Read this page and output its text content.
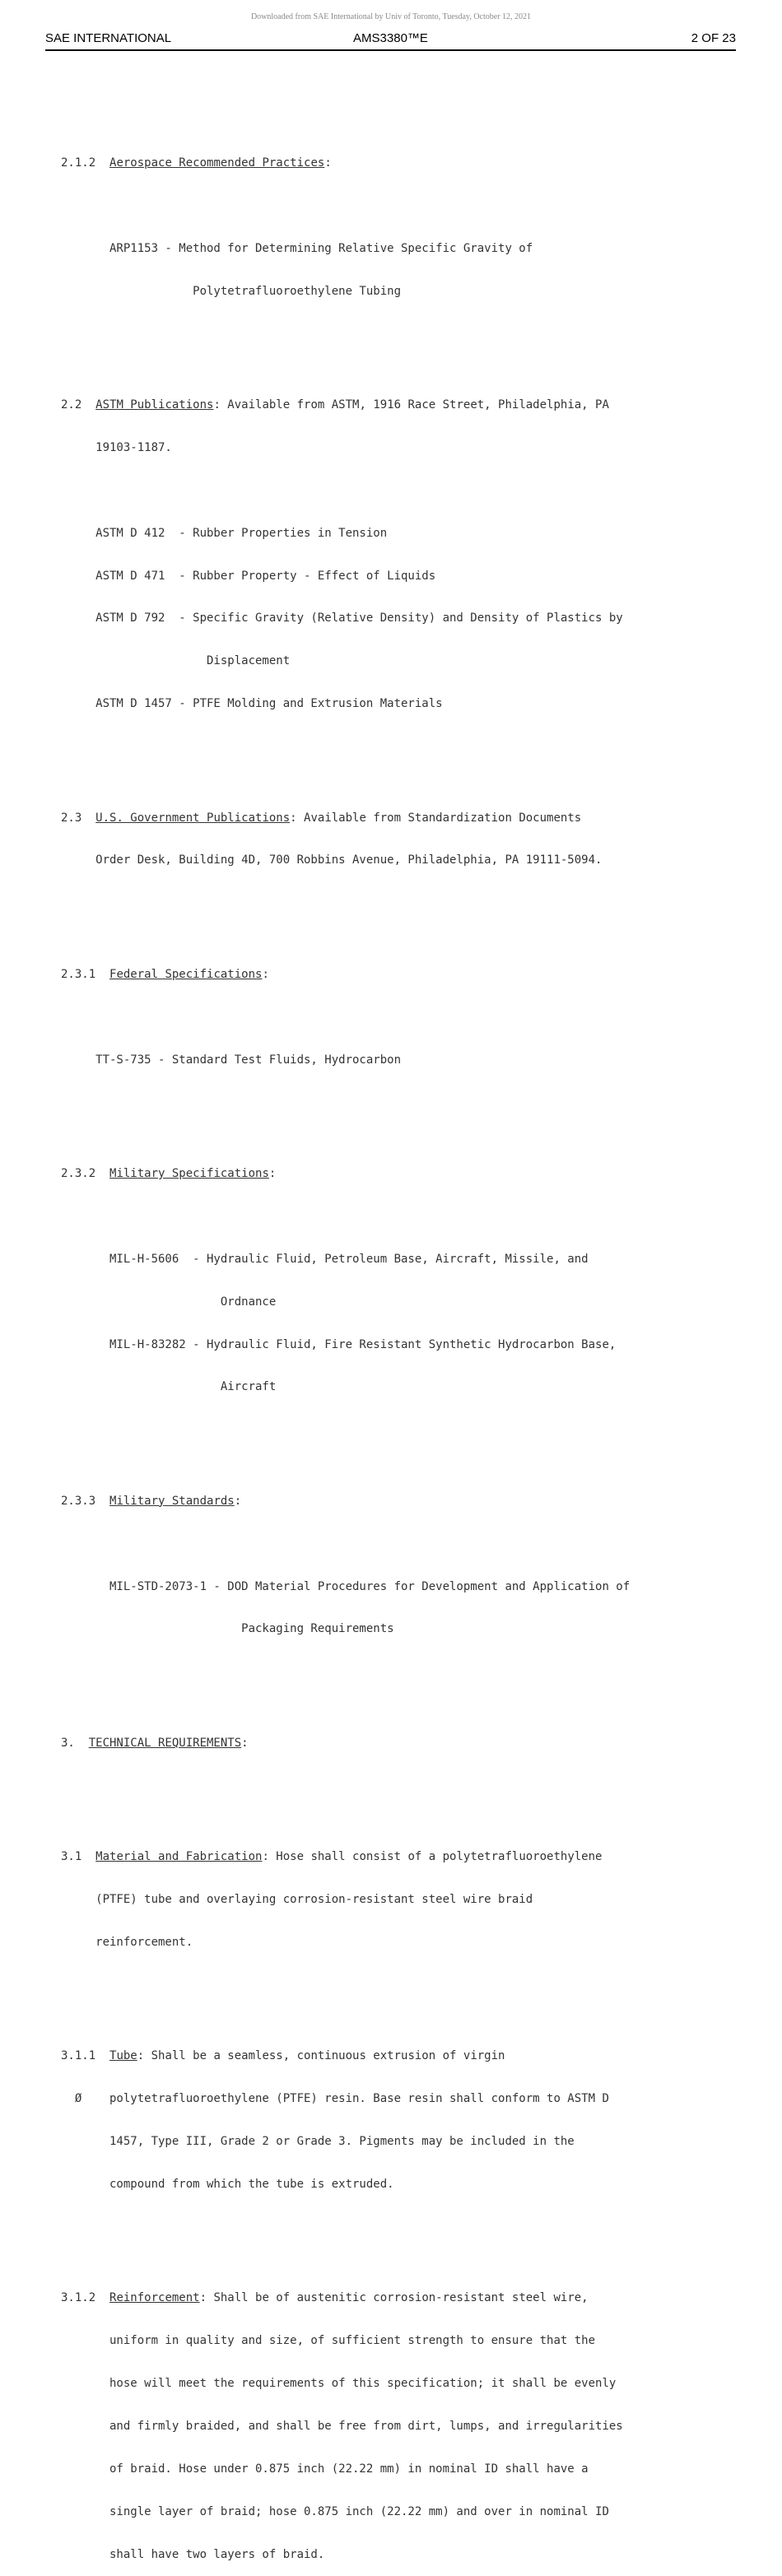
Downloaded from SAE International by Univ of Toronto, Tuesday, October 12, 2021
SAE INTERNATIONAL	AMS3380™E	2 OF 23

2.1.2  Aerospace Recommended Practices:

ARP1153 - Method for Determining Relative Specific Gravity of

Polytetrafluoroethylene Tubing

2.2  ASTM Publications: Available from ASTM, 1916 Race Street, Philadelphia, PA

19103-1187.

ASTM D 412  - Rubber Properties in Tension

ASTM D 471  - Rubber Property - Effect of Liquids

ASTM D 792  - Specific Gravity (Relative Density) and Density of Plastics by

Displacement

ASTM D 1457 - PTFE Molding and Extrusion Materials

2.3  U.S. Government Publications: Available from Standardization Documents

Order Desk, Building 4D, 700 Robbins Avenue, Philadelphia, PA 19111-5094.

2.3.1  Federal Specifications:

TT-S-735 - Standard Test Fluids, Hydrocarbon

2.3.2  Military Specifications:

MIL-H-5606  - Hydraulic Fluid, Petroleum Base, Aircraft, Missile, and

Ordnance

MIL-H-83282 - Hydraulic Fluid, Fire Resistant Synthetic Hydrocarbon Base,

Aircraft

2.3.3  Military Standards:

MIL-STD-2073-1 - DOD Material Procedures for Development and Application of

Packaging Requirements

3.  TECHNICAL REQUIREMENTS:

3.1  Material and Fabrication: Hose shall consist of a polytetrafluoroethylene

(PTFE) tube and overlaying corrosion-resistant steel wire braid

reinforcement.

3.1.1  Tube: Shall be a seamless, continuous extrusion of virgin

Ø    polytetrafluoroethylene (PTFE) resin. Base resin shall conform to ASTM D

1457, Type III, Grade 2 or Grade 3. Pigments may be included in the

compound from which the tube is extruded.

3.1.2  Reinforcement: Shall be of austenitic corrosion-resistant steel wire,

uniform in quality and size, of sufficient strength to ensure that the

hose will meet the requirements of this specification; it shall be evenly

and firmly braided, and shall be free from dirt, lumps, and irregularities

of braid. Hose under 0.875 inch (22.22 mm) in nominal ID shall have a

single layer of braid; hose 0.875 inch (22.22 mm) and over in nominal ID

shall have two layers of braid.
